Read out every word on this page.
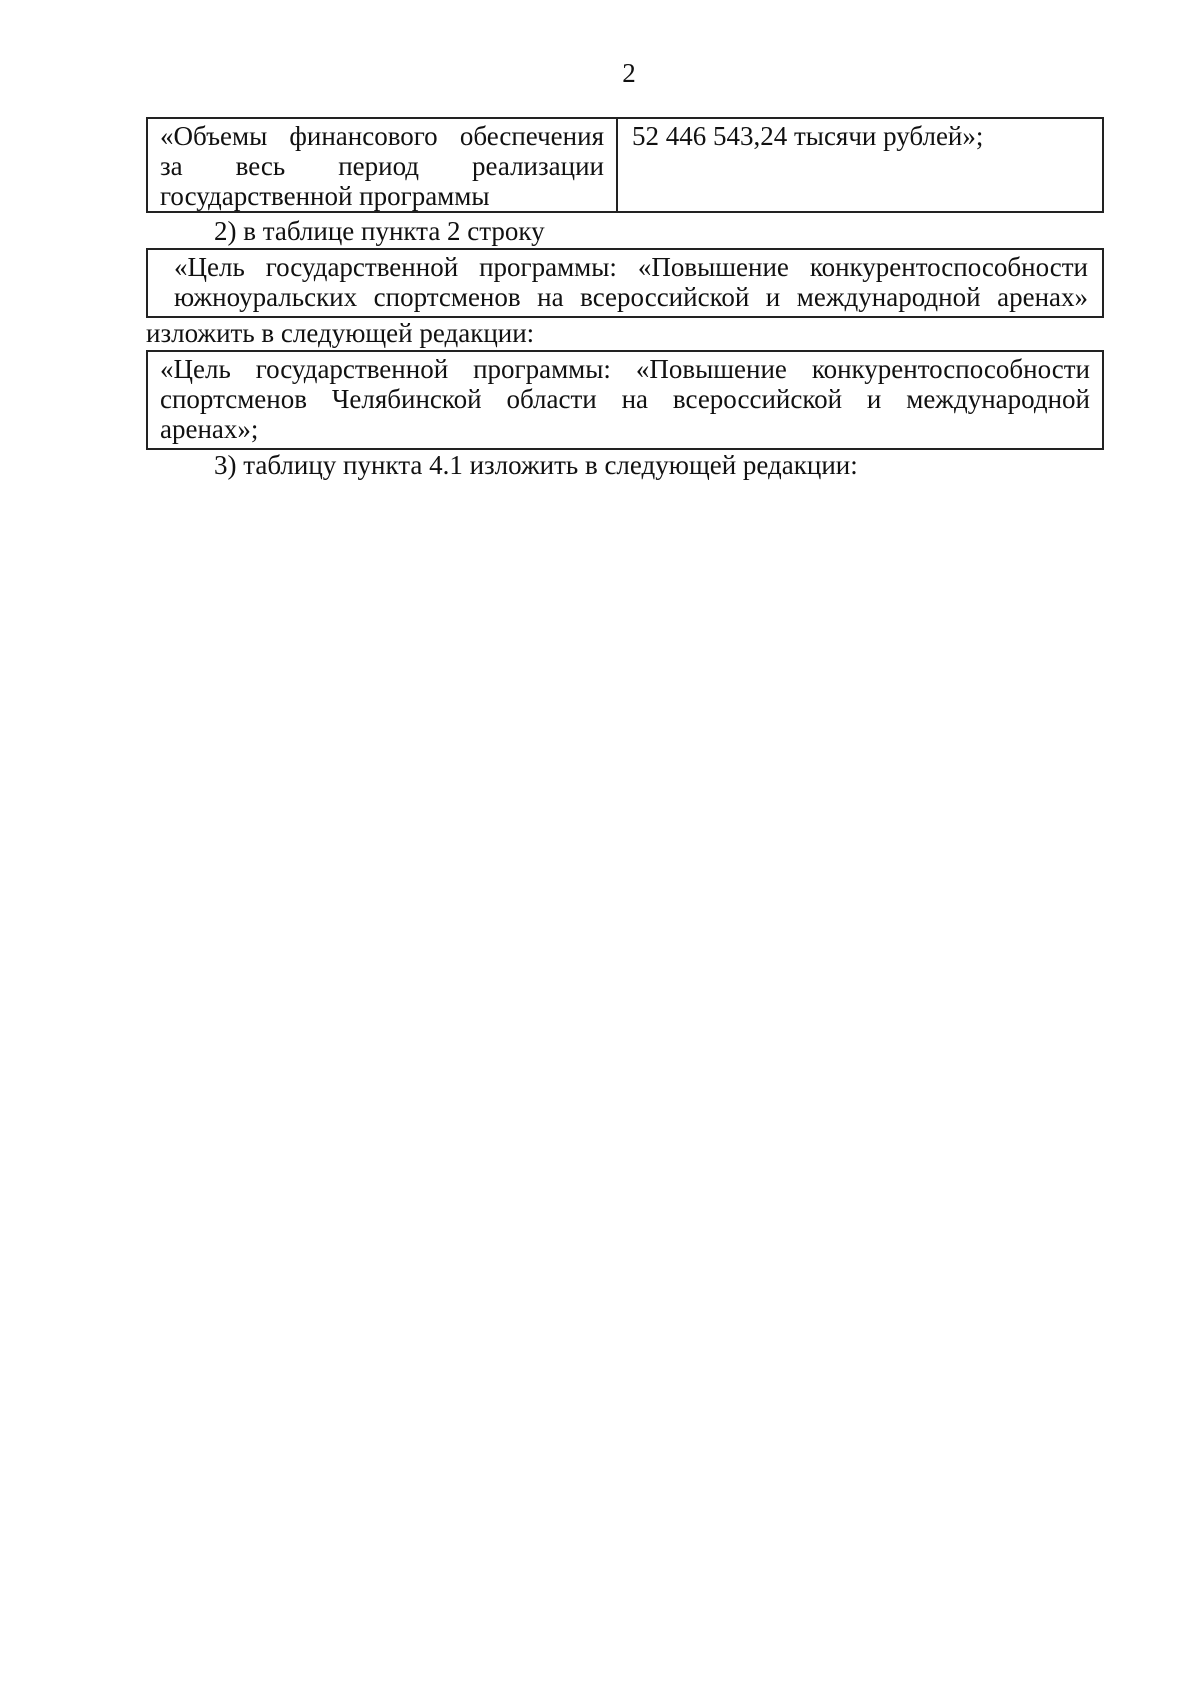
2
«Объемы финансового обеспечения
за весь период реализации
государственной программы
52 446 543,24 тысячи рублей»;
2) в таблице пункта 2 строку
«Цель государственной программы: «Повышение конкурентоспособности
южноуральских спортсменов на всероссийской и международной аренах»
изложить в следующей редакции:
«Цель государственной программы: «Повышение конкурентоспособности
спортсменов Челябинской области на всероссийской и международной
аренах»;
3) таблицу пункта 4.1 изложить в следующей редакции:
